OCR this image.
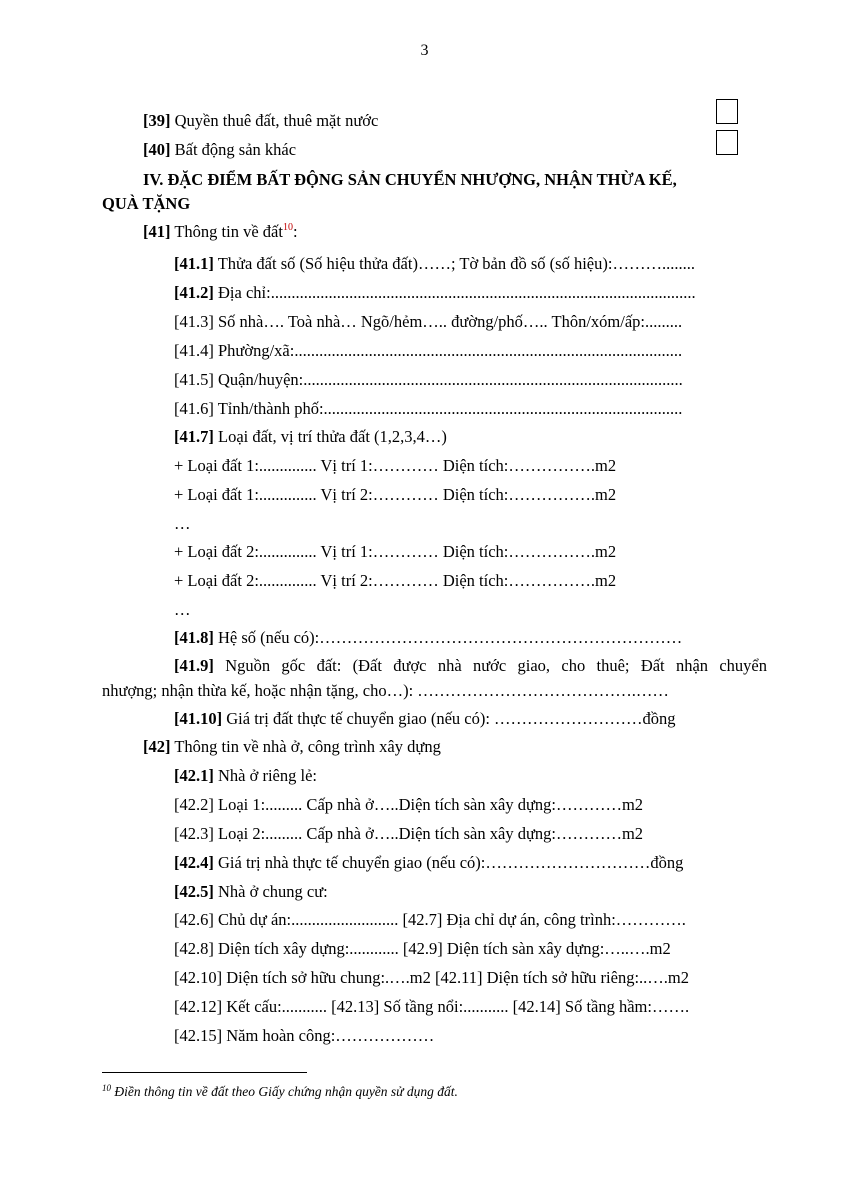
3
[39] Quyền thuê đất, thuê mặt nước
[40] Bất động sản khác
IV. ĐẶC ĐIỂM BẤT ĐỘNG SẢN CHUYỂN NHƯỢNG, NHẬN THỪA KẾ,
QUÀ TẶNG
[41] Thông tin về đất$^{10}$:
[41.1] Thửa đất số (Số hiệu thửa đất)……; Tờ bản đồ số (số hiệu):………........
[41.2] Địa chỉ:.......................................................................................................
[41.3] Số nhà…. Toà nhà… Ngõ/hẻm….. đường/phố….. Thôn/xóm/ấp:.........
[41.4] Phường/xã:..............................................................................................
[41.5] Quận/huyện:............................................................................................
[41.6] Tỉnh/thành phố:.......................................................................................
[41.7] Loại đất, vị trí thửa đất (1,2,3,4…)
+ Loại đất 1:.............. Vị trí 1:………… Diện tích:…………….m2
+ Loại đất 1:.............. Vị trí 2:………… Diện tích:…………….m2
…
+ Loại đất 2:.............. Vị trí 1:………… Diện tích:…………….m2
+ Loại đất 2:.............. Vị trí 2:………… Diện tích:…………….m2
…
[41.8] Hệ số (nếu có):…………………………………………………………
[41.9] Nguồn gốc đất: (Đất được nhà nước giao, cho thuê; Đất nhận chuyển
nhượng; nhận thừa kế, hoặc nhận tặng, cho…): ………………………………….……
[41.10] Giá trị đất thực tế chuyển giao (nếu có): ………………………đồng
[42] Thông tin về nhà ở, công trình xây dựng
[42.1] Nhà ở riêng lẻ:
[42.2] Loại 1:......... Cấp nhà ở…..Diện tích sàn xây dựng:…………m2
[42.3] Loại 2:......... Cấp nhà ở…..Diện tích sàn xây dựng:…………m2
[42.4] Giá trị nhà thực tế chuyển giao (nếu có):…………………………đồng
[42.5] Nhà ở chung cư:
[42.6] Chủ dự án:.......................... [42.7] Địa chỉ dự án, công trình:………….
[42.8] Diện tích xây dựng:............ [42.9] Diện tích sàn xây dựng:…..….m2
[42.10] Diện tích sở hữu chung:.….m2 [42.11] Diện tích sở hữu riêng:..….m2
[42.12] Kết cấu:........... [42.13] Số tầng nổi:........... [42.14] Số tầng hầm:…….
[42.15] Năm hoàn công:………………
$^{10}$ Điền thông tin về đất theo Giấy chứng nhận quyền sử dụng đất.
